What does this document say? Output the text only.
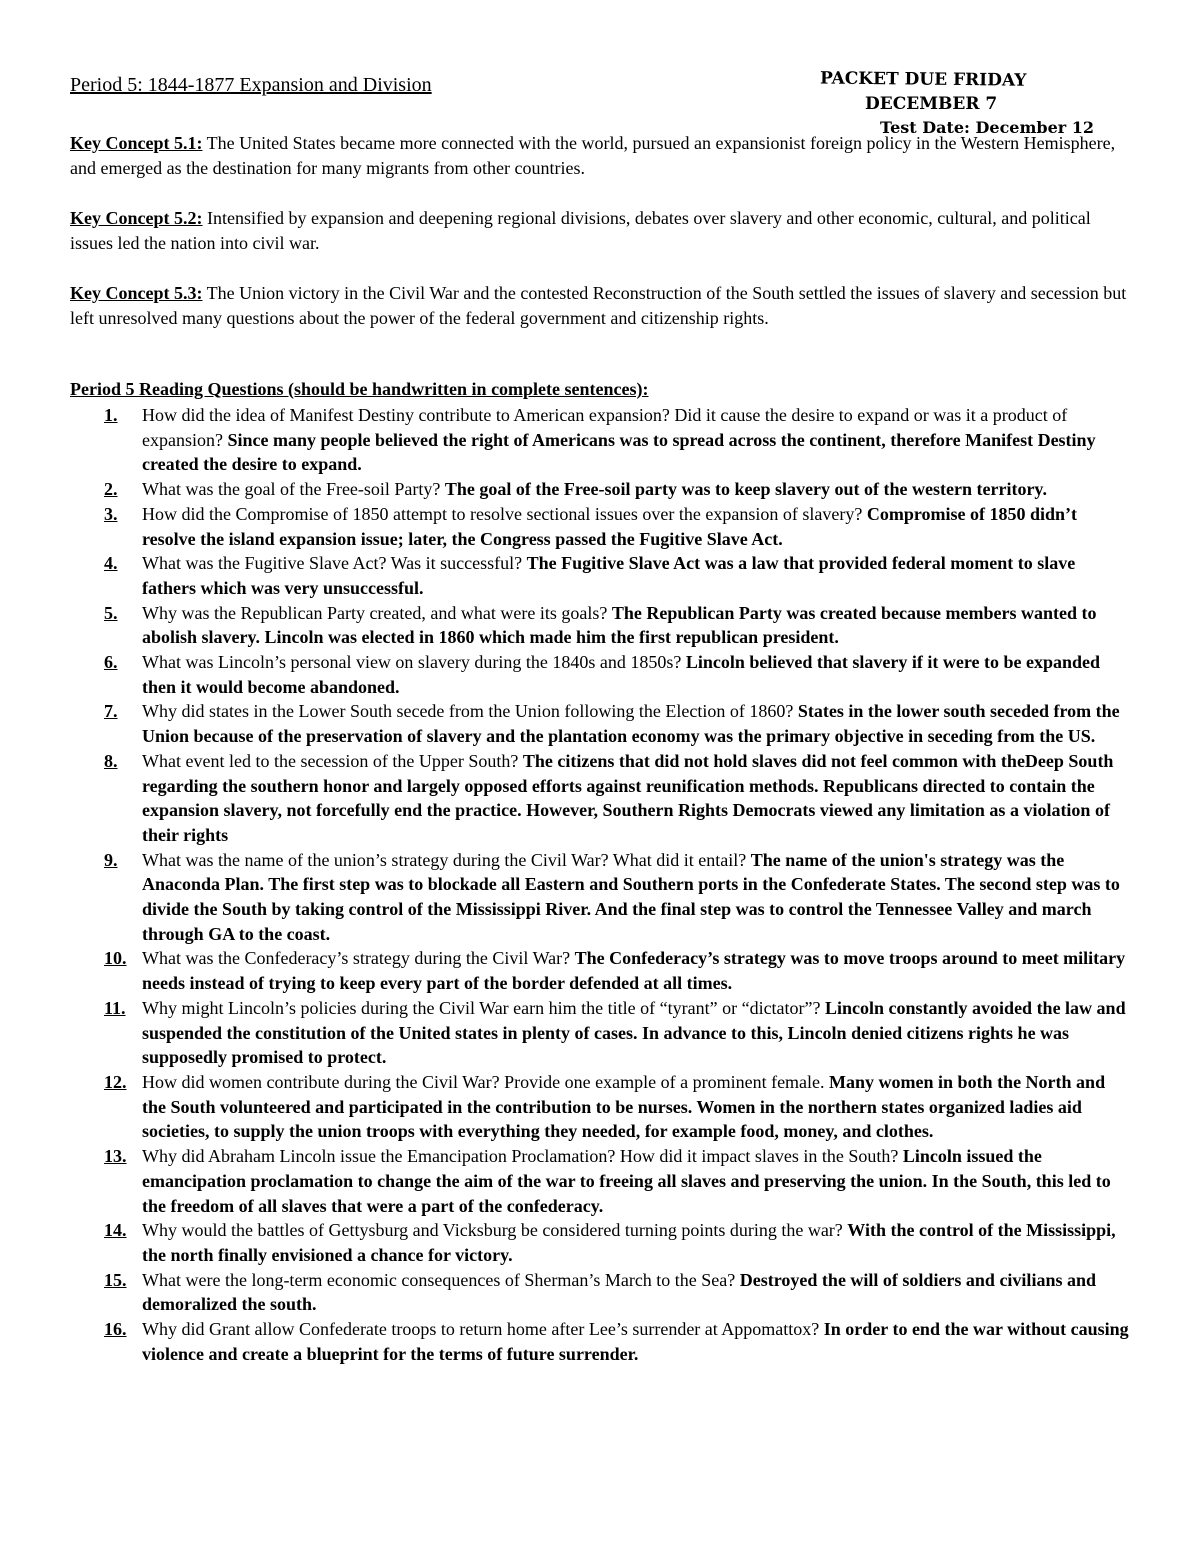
Period 5: 1844-1877 Expansion and Division	PACKET DUE FRIDAY
DECEMBER 7
Test Date: December 12
Key Concept 5.1: The United States became more connected with the world, pursued an expansionist foreign policy in the Western Hemisphere, and emerged as the destination for many migrants from other countries.
Key Concept 5.2: Intensified by expansion and deepening regional divisions, debates over slavery and other economic, cultural, and political issues led the nation into civil war.
Key Concept 5.3: The Union victory in the Civil War and the contested Reconstruction of the South settled the issues of slavery and secession but left unresolved many questions about the power of the federal government and citizenship rights.
Period 5 Reading Questions (should be handwritten in complete sentences):
1.	How did the idea of Manifest Destiny contribute to American expansion? Did it cause the desire to expand or was it a product of expansion? Since many people believed the right of Americans was to spread across the continent, therefore Manifest Destiny created the desire to expand.
2.	What was the goal of the Free-soil Party? The goal of the Free-soil party was to keep slavery out of the western territory.
3.	How did the Compromise of 1850 attempt to resolve sectional issues over the expansion of slavery? Compromise of 1850 didn’t resolve the island expansion issue; later, the Congress passed the Fugitive Slave Act.
4.	What was the Fugitive Slave Act? Was it successful? The Fugitive Slave Act was a law that provided federal moment to slave fathers which was very unsuccessful.
5.	Why was the Republican Party created, and what were its goals? The Republican Party was created because members wanted to abolish slavery. Lincoln was elected in 1860 which made him the first republican president.
6.	What was Lincoln’s personal view on slavery during the 1840s and 1850s? Lincoln believed that slavery if it were to be expanded then it would become abandoned.
7.	Why did states in the Lower South secede from the Union following the Election of 1860? States in the lower south seceded from the Union because of the preservation of slavery and the plantation economy was the primary objective in seceding from the US.
8.	What event led to the secession of the Upper South? The citizens that did not hold slaves did not feel common with theDeep South regarding the southern honor and largely opposed efforts against reunification methods. Republicans directed to contain the expansion slavery, not forcefully end the practice. However, Southern Rights Democrats viewed any limitation as a violation of their rights
9.	What was the name of the union’s strategy during the Civil War? What did it entail? The name of the union's strategy was the Anaconda Plan. The first step was to blockade all Eastern and Southern ports in the Confederate States. The second step was to divide the South by taking control of the Mississippi River. And the final step was to control the Tennessee Valley and march through GA to the coast.
10. What was the Confederacy’s strategy during the Civil War? The Confederacy’s strategy was to move troops around to meet military needs instead of trying to keep every part of the border defended at all times.
11. Why might Lincoln’s policies during the Civil War earn him the title of “tyrant” or “dictator”? Lincoln constantly avoided the law and suspended the constitution of the United states in plenty of cases. In advance to this, Lincoln denied citizens rights he was supposedly promised to protect.
12. How did women contribute during the Civil War? Provide one example of a prominent female. Many women in both the North and the South volunteered and participated in the contribution to be nurses. Women in the northern states organized ladies aid societies, to supply the union troops with everything they needed, for example food, money, and clothes.
13. Why did Abraham Lincoln issue the Emancipation Proclamation? How did it impact slaves in the South? Lincoln issued the emancipation proclamation to change the aim of the war to freeing all slaves and preserving the union. In the South, this led to the freedom of all slaves that were a part of the confederacy.
14. Why would the battles of Gettysburg and Vicksburg be considered turning points during the war? With the control of the Mississippi, the north finally envisioned a chance for victory.
15. What were the long-term economic consequences of Sherman’s March to the Sea? Destroyed the will of soldiers and civilians and demoralized the south.
16. Why did Grant allow Confederate troops to return home after Lee’s surrender at Appomattox? In order to end the war without causing violence and create a blueprint for the terms of future surrender.
